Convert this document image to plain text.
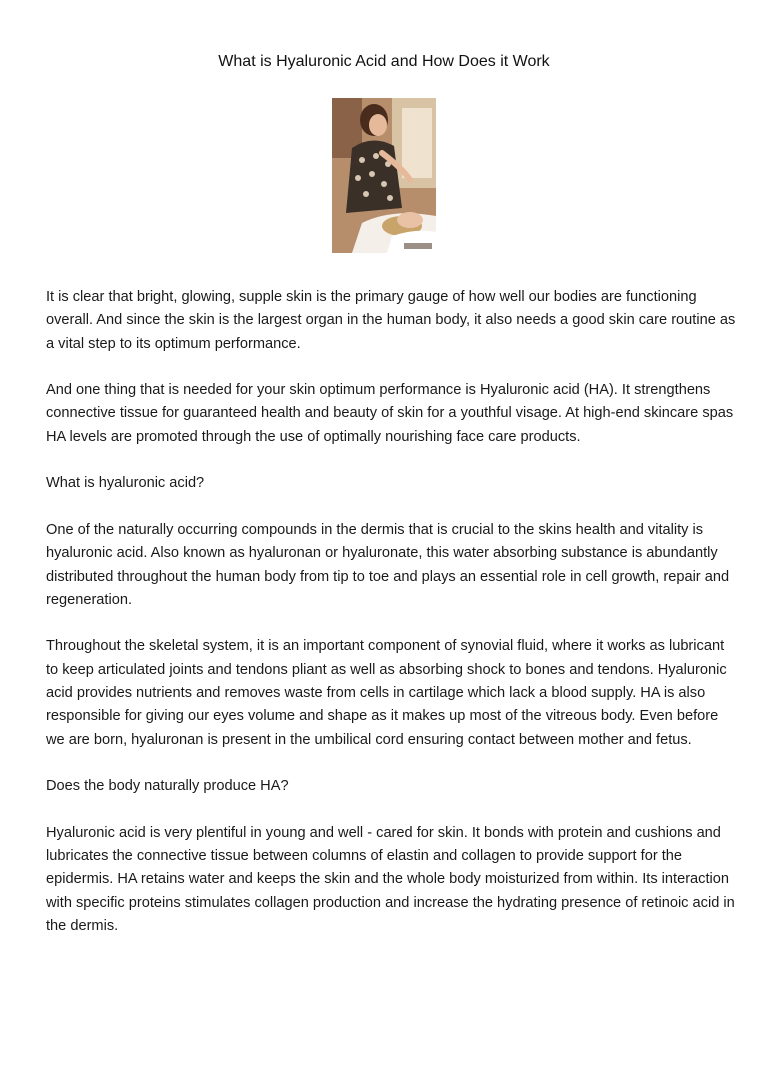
What is Hyaluronic Acid and How Does it Work

It is clear that bright, glowing, supple skin is the primary gauge of how well our bodies are functioning overall. And since the skin is the largest organ in the human body, it also needs a good skin care routine as a vital step to its optimum performance.

And one thing that is needed for your skin optimum performance is Hyaluronic acid (HA). It strengthens connective tissue for guaranteed health and beauty of skin for a youthful visage. At high-end skincare spas HA levels are promoted through the use of optimally nourishing face care products.

What is hyaluronic acid?

One of the naturally occurring compounds in the dermis that is crucial to the skins health and vitality is hyaluronic acid. Also known as hyaluronan or hyaluronate, this water absorbing substance is abundantly distributed throughout the human body from tip to toe and plays an essential role in cell growth, repair and regeneration.

Throughout the skeletal system, it is an important component of synovial fluid, where it works as lubricant to keep articulated joints and tendons pliant as well as absorbing shock to bones and tendons. Hyaluronic acid provides nutrients and removes waste from cells in cartilage which lack a blood supply. HA is also responsible for giving our eyes volume and shape as it makes up most of the vitreous body. Even before we are born, hyaluronan is present in the umbilical cord ensuring contact between mother and fetus.

Does the body naturally produce HA?

Hyaluronic acid is very plentiful in young and well - cared for skin. It bonds with protein and cushions and lubricates the connective tissue between columns of elastin and collagen to provide support for the epidermis. HA retains water and keeps the skin and the whole body moisturized from within. Its interaction with specific proteins stimulates collagen production and increase the hydrating presence of retinoic acid in the dermis.
